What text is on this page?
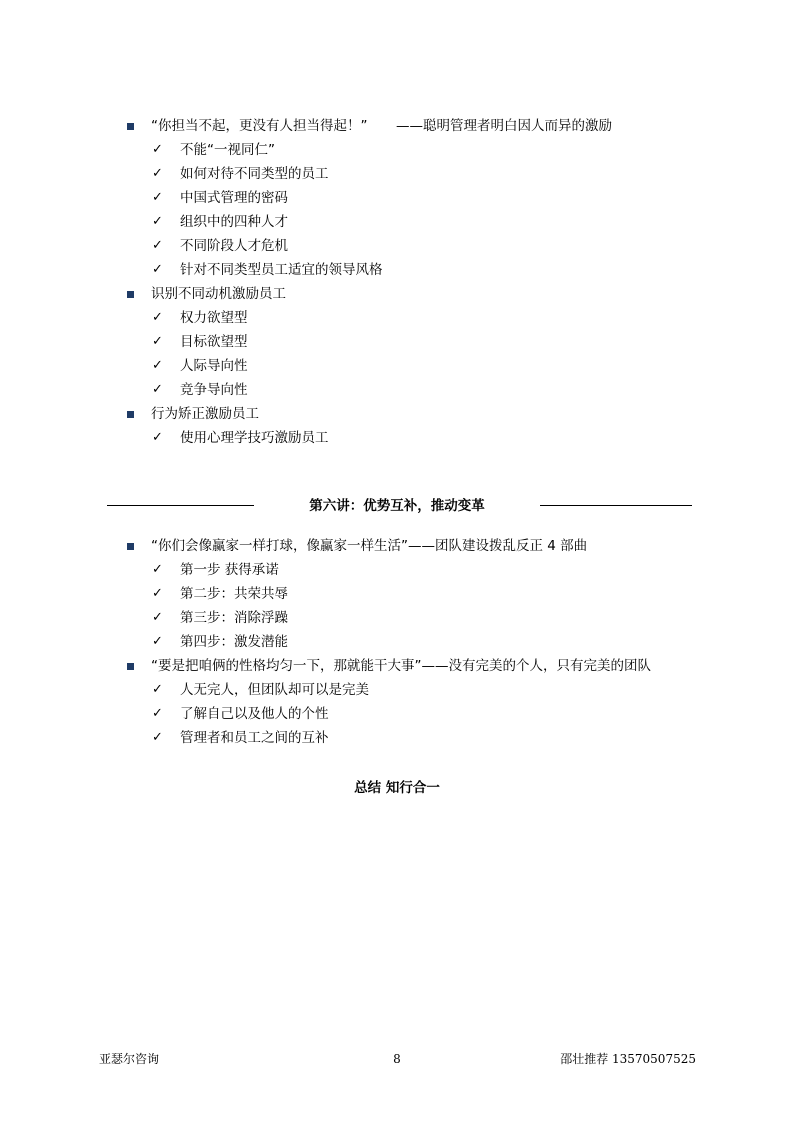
“你担当不起，更没有人担当得起！” ——聪明管理者明白因人而异的激励
✓ 不能“一视同仁”
✓ 如何对待不同类型的员工
✓ 中国式管理的密码
✓ 组织中的四种人才
✓ 不同阶段人才危机
✓ 针对不同类型员工适宜的领导风格
识别不同动机激励员工
✓ 权力欲望型
✓ 目标欲望型
✓ 人际导向性
✓ 竞争导向性
行为矫正激励员工
✓ 使用心理学技巧激励员工
第六讲：优势互补，推动变革
“你们会像赢家一样打球，像赢家一样生活”——团队建设拨乱反正 4 部曲
✓ 第一步 获得承诺
✓ 第二步：共荣共辱
✓ 第三步：消除浮躁
✓ 第四步：激发潜能
“要是把咱俩的性格均匀一下，那就能干大事”——没有完美的个人，只有完美的团队
✓ 人无完人，但团队却可以是完美
✓ 了解自己以及他人的个性
✓ 管理者和员工之间的互补
总结 知行合一
亚瑟尔咨询	8	邵壮推荐 13570507525
